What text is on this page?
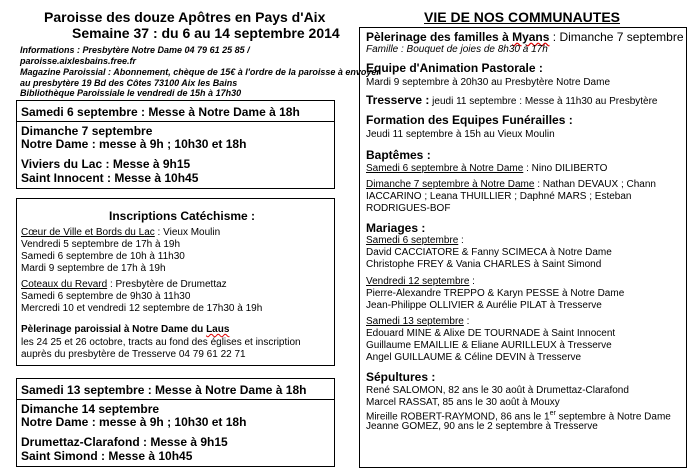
Paroisse des douze Apôtres en Pays d'Aix
Semaine 37 : du 6 au 14 septembre 2014
Informations : Presbytère Notre Dame 04 79 61 25 85 /
paroisse.aixlesbains.free.fr
Magazine Paroissial : Abonnement, chèque de 15€ à l'ordre de la paroisse à envoyer
au presbytère 19 Bd des Côtes 73100 Aix les Bains
Bibliothèque Paroissiale le vendredi de 15h à 17h30
Samedi 6 septembre : Messe à Notre Dame à 18h
Dimanche 7 septembre
Notre Dame : messe à 9h ; 10h30 et 18h
Viviers du Lac : Messe à 9h15
Saint Innocent : Messe à 10h45
Inscriptions Catéchisme :
Cœur de Ville et Bords du Lac : Vieux Moulin
Vendredi 5 septembre de 17h à 19h
Samedi 6 septembre de 10h à 11h30
Mardi 9 septembre de 17h à 19h
Coteaux du Revard : Presbytère de Drumettaz
Samedi 6 septembre de 9h30 à 11h30
Mercredi 10 et vendredi 12 septembre de 17h30 à 19h
Pèlerinage paroissial à Notre Dame du Laus
les 24 25 et 26 octobre, tracts au fond des églises et inscription
auprès du presbytère de Tresserve 04 79 61 22 71
Samedi 13 septembre : Messe à Notre Dame à 18h
Dimanche 14 septembre
Notre Dame : messe à 9h ; 10h30 et 18h
Drumettaz-Clarafond : Messe à 9h15
Saint Simond : Messe à 10h45
VIE DE NOS COMMUNAUTES
Pèlerinage des familles à Myans : Dimanche 7 septembre
Famille : Bouquet de joies de 8h30 à 17h
Equipe d'Animation Pastorale :
Mardi 9 septembre à 20h30 au Presbytère Notre Dame
Tresserve : jeudi 11 septembre : Messe à 11h30 au Presbytère
Formation des Equipes Funérailles :
Jeudi 11 septembre à 15h au Vieux Moulin
Baptêmes :
Samedi 6 septembre à Notre Dame : Nino DILIBERTO
Dimanche 7 septembre à Notre Dame : Nathan DEVAUX ; Chann
IACCARINO ; Leana THUILLIER ; Daphné MARS ; Esteban
RODRIGUES-BOF
Mariages :
Samedi 6 septembre :
David CACCIATORE & Fanny SCIMECA à Notre Dame
Christophe FREY & Vania CHARLES à Saint Simond
Vendredi 12 septembre :
Pierre-Alexandre TREPPO & Karyn PESSE à Notre Dame
Jean-Philippe OLLIVIER & Aurélie PILAT à Tresserve
Samedi 13 septembre :
Edouard MINE & Alixe DE TOURNADE à Saint Innocent
Guillaume EMAILLIE & Eliane AURILLEUX à Tresserve
Angel GUILLAUME & Céline DEVIN à Tresserve
Sépultures :
René SALOMON, 82 ans le 30 août à Drumettaz-Clarafond
Marcel RASSAT, 85 ans le 30 août à Mouxy
Mireille ROBERT-RAYMOND, 86 ans le 1er septembre à Notre Dame
Jeanne GOMEZ, 90 ans le 2 septembre à Tresserve
